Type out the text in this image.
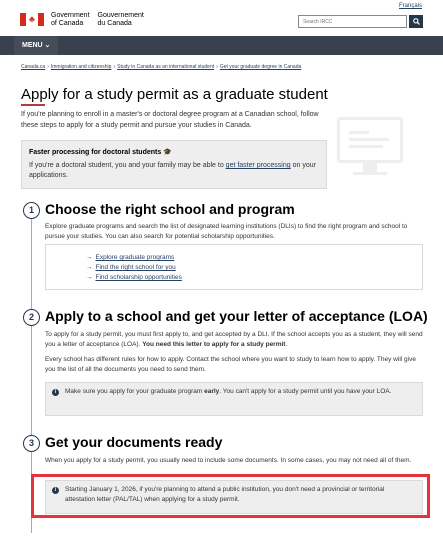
Français
♣ Government
of CanadaGouvernement
du Canada
Search IRCC
MENU ⌄
Canada.ca › Immigration and citizenship › Study in Canada as an international student › Get your graduate degree in Canada
Apply for a study permit as a graduate student

If you're planning to enroll in a master's or doctoral degree program at a Canadian school, follow these steps to apply for a study permit and pursue your studies in Canada.

Faster processing for doctoral students 🎓

If you're a doctoral student, you and your family may be able to get faster processing on your applications.

1 Choose the right school and program

Explore graduate programs and search the list of designated learning institutions (DLIs) to find the right program and school to pursue your studies. You can also search for potential scholarship opportunities.

→ Explore graduate programs
→ Find the right school for you
→ Find scholarship opportunities
2 Apply to a school and get your letter of acceptance (LOA)

To apply for a study permit, you must first apply to, and get accepted by a DLI. If the school accepts you as a student, they will send you a letter of acceptance (LOA). You need this letter to apply for a study permit.

Every school has different rules for how to apply. Contact the school where you want to study to learn how to apply. They will give you the list of all the documents you need to send them.

i	Make sure you apply for your graduate program early. You can't apply for a study permit until you have your LOA.

3 Get your documents ready

When you apply for a study permit, you usually need to include some documents. In some cases, you may not need all of them.

i	Starting January 1, 2026, if you're planning to attend a public institution, you don't need a provincial or territorial attestation letter (PAL/TAL) when applying for a study permit.
